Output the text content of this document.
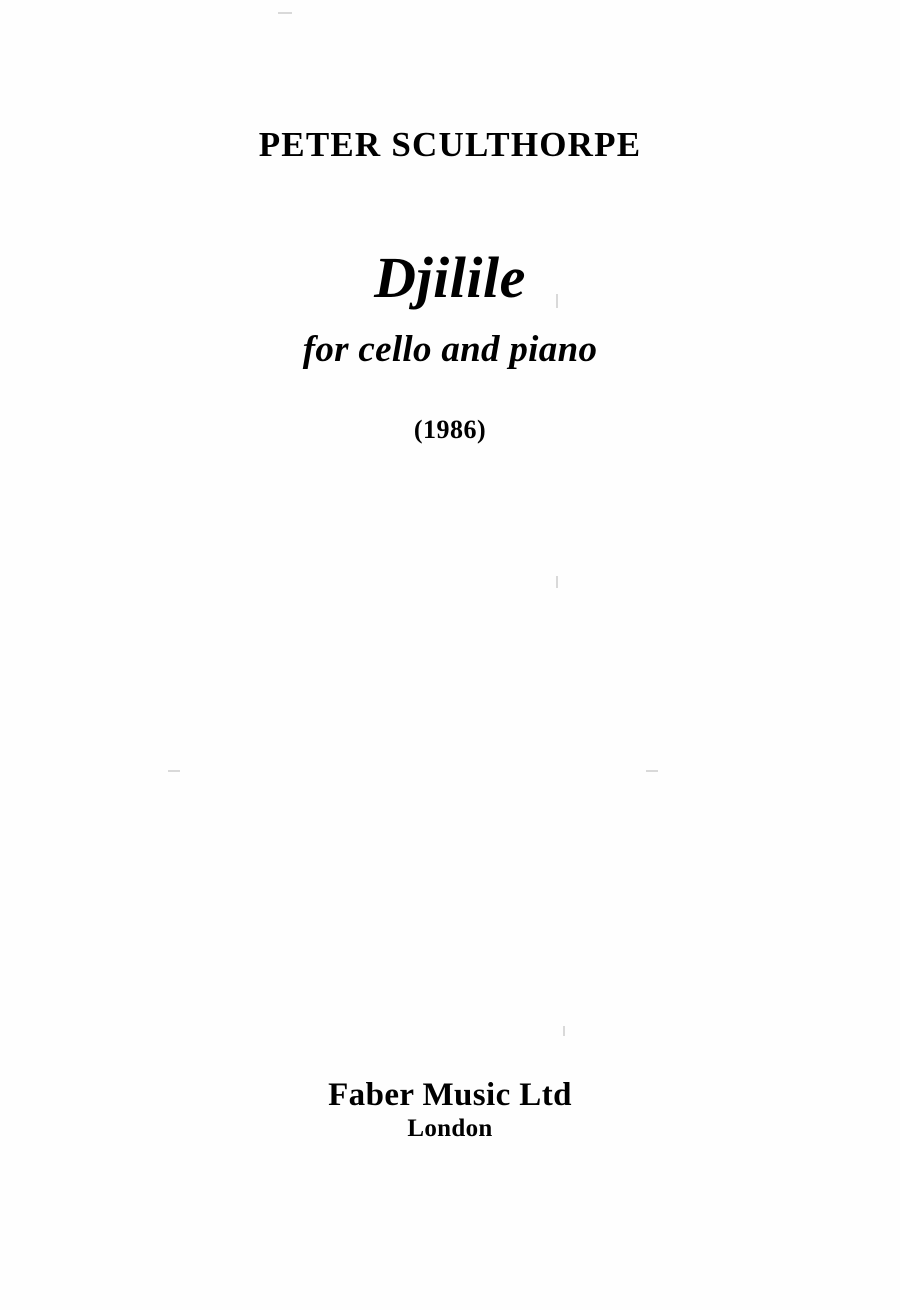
PETER SCULTHORPE
Djilile
for cello and piano
(1986)
Faber Music Ltd
London
